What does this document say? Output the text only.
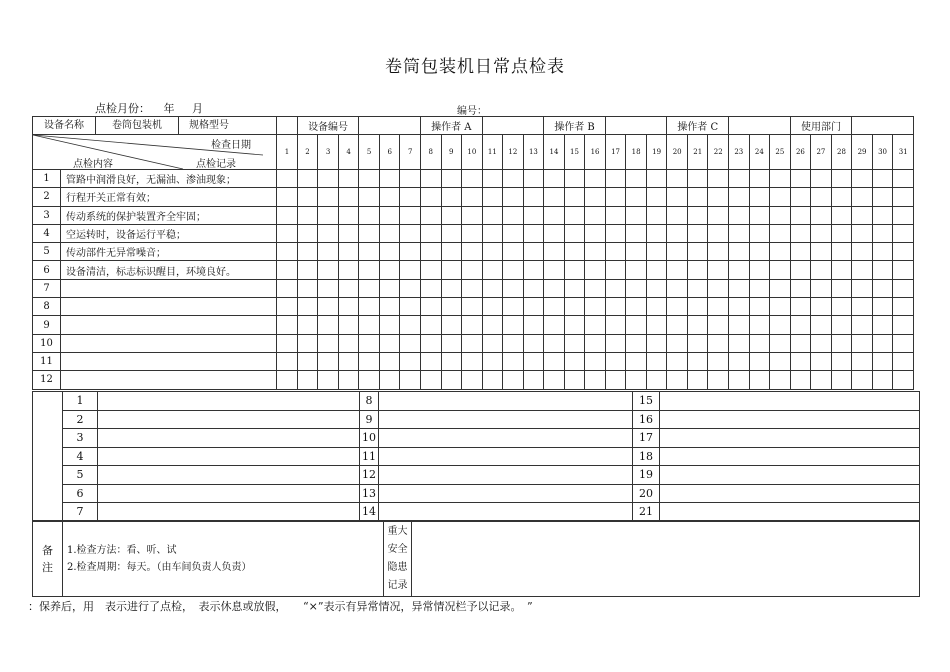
卷筒包装机日常点检表
点检月份： 年 月	编号：
设备名称 卷筒包装机 规格型号			设备编号						操作者 A						操作者 B						操作者 C						使用部门					

检查日期
点检内容 点检记录		1	2	3	4	5	6	7	8	9	10	11	12	13	14	15	16	17	18	19	20	21	22	23	24	25	26	27	28	29	30	31
1	管路中润滑良好，无漏油、渗油现象；																															
2	行程开关正常有效；																															
3	传动系统的保护装置齐全牢固；																															
4	空运转时，设备运行平稳；																															
5	传动部件无异常噪音；																															
6	设备清洁，标志标识醒目，环境良好。																															
7																																
8																																
9																																
10																																
11																																
12																																
	1		8		15	
	2		9		16	
	3		10		17	
	4		11		18	
	5		12		19	
	6		13		20	
	7		14		21	
备
注

1.检查方法：看、听、试
2.检查周期：每天。（由车间负责人负责）

重大
安全
隐患
记录

：保养后，用　表示进行了点检，　表示休息或放假，　　“×”表示有异常情况，异常情况栏予以记录。　”
